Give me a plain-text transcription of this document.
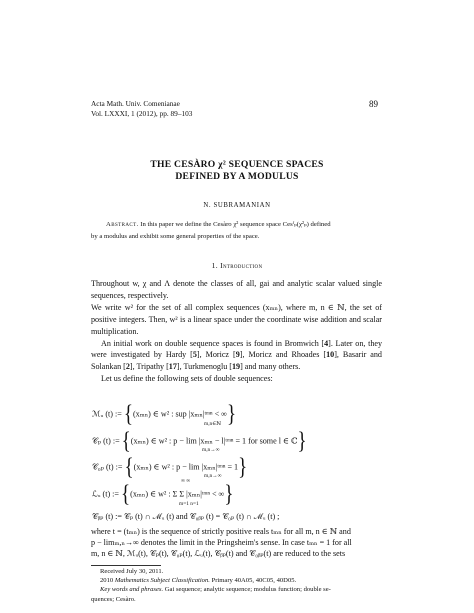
Acta Math. Univ. Comenianae
Vol. LXXXI, 1 (2012), pp. 89–103
89
THE CESÀRO χ² SEQUENCE SPACES
DEFINED BY A MODULUS
N. SUBRAMANIAN
Abstract. In this paper we define the Cesàro χ² sequence space Cesᶠₚ(χ²ₚ) defined
by a modulus and exhibit some general properties of the space.
1. Introduction
Throughout w, χ and Λ denote the classes of all, gai and analytic scalar valued single sequences, respectively.
We write w² for the set of all complex sequences (xₘₙ), where m, n ∈ ℕ, the set of positive integers. Then, w² is a linear space under the coordinate wise addition and scalar multiplication.
An initial work on double sequence spaces is found in Bromwich [4]. Later on, they were investigated by Hardy [5], Moricz [9], Moricz and Rhoades [10], Basarir and Solankan [2], Tripathy [17], Turkmenoglu [19] and many others.
Let us define the following sets of double sequences:
ℳᵤ (t) := {(xₘₙ) ∈ w² : sup |xₘₙ|ᵗᵐⁿ < ∞}
m,n∈ℕ
𝒞ₚ (t) := {(xₘₙ) ∈ w² : p − lim |xₘₙ − l|ᵗᵐⁿ = 1 for some l ∈ ℂ}
m,n→∞
𝒞₀ₚ (t) := {(xₘₙ) ∈ w² : p − lim |xₘₙ|ᵗᵐⁿ = 1}
m,n→∞
∞ ∞
ℒᵤ (t) := {(xₘₙ) ∈ w² : Σ Σ |xₘₙ|ᵗᵐⁿ < ∞}
m=1 n=1
𝒞ᵦₚ (t) := 𝒞ₚ (t) ∩ ℳᵤ (t) and 𝒞₀ᵦₚ (t) = 𝒞₀ₚ (t) ∩ ℳᵤ (t) ;
where t = (tₘₙ) is the sequence of strictly positive reals tₘₙ for all m, n ∈ ℕ and
p − limₘ,ₙ→∞ denotes the limit in the Pringsheim's sense. In case tₘₙ = 1 for all
m, n ∈ ℕ, ℳᵤ(t), 𝒞ₚ(t), 𝒞₀ₚ(t), ℒᵤ(t), 𝒞ᵦₚ(t) and 𝒞₀ᵦₚ(t) are reduced to the sets
Received July 30, 2011.
2010 Mathematics Subject Classification. Primary 40A05, 40C05, 40D05.
Key words and phrases. Gai sequence; analytic sequence; modulus function; double se-
quences; Cesàro.
